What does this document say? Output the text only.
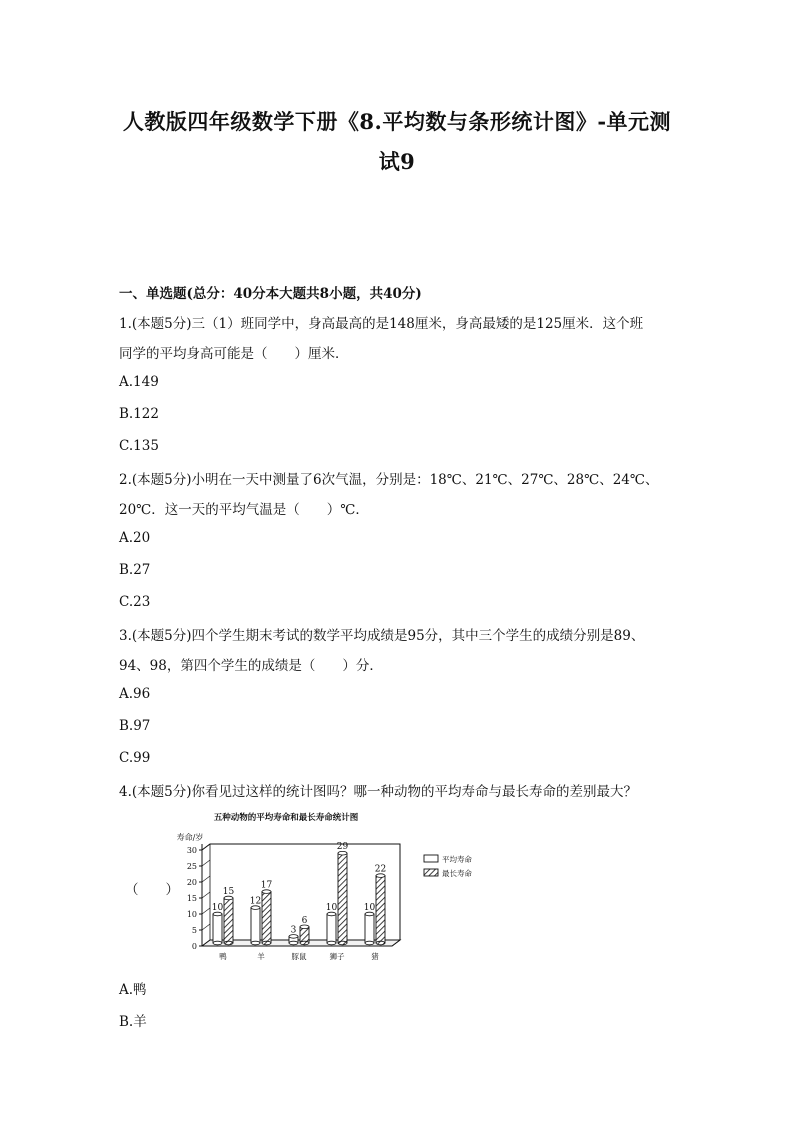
人教版四年级数学下册《8.平均数与条形统计图》-单元测
试9
一、单选题(总分：40分本大题共8小题，共40分)
1.(本题5分)三（1）班同学中，身高最高的是148厘米，身高最矮的是125厘米．这个班
同学的平均身高可能是（　　）厘米．
A.149
B.122
C.135
2.(本题5分)小明在一天中测量了6次气温，分别是：18℃、21℃、27℃、28℃、24℃、
20℃．这一天的平均气温是（　　）℃．
A.20
B.27
C.23
3.(本题5分)四个学生期末考试的数学平均成绩是95分，其中三个学生的成绩分别是89、
94、98，第四个学生的成绩是（　　）分．
A.96
B.97
C.99
4.(本题5分)你看见过这样的统计图吗？哪一种动物的平均寿命与最长寿命的差别最大？
（　　）
五种动物的平均寿命和最长寿命统计图
寿命/岁
0
5
10
15
20
25
30
10
15
12
17
3
6
10
29
10
22
鸭	羊	豚鼠	狮子	猪
平均寿命
最长寿命
A.鸭
B.羊
